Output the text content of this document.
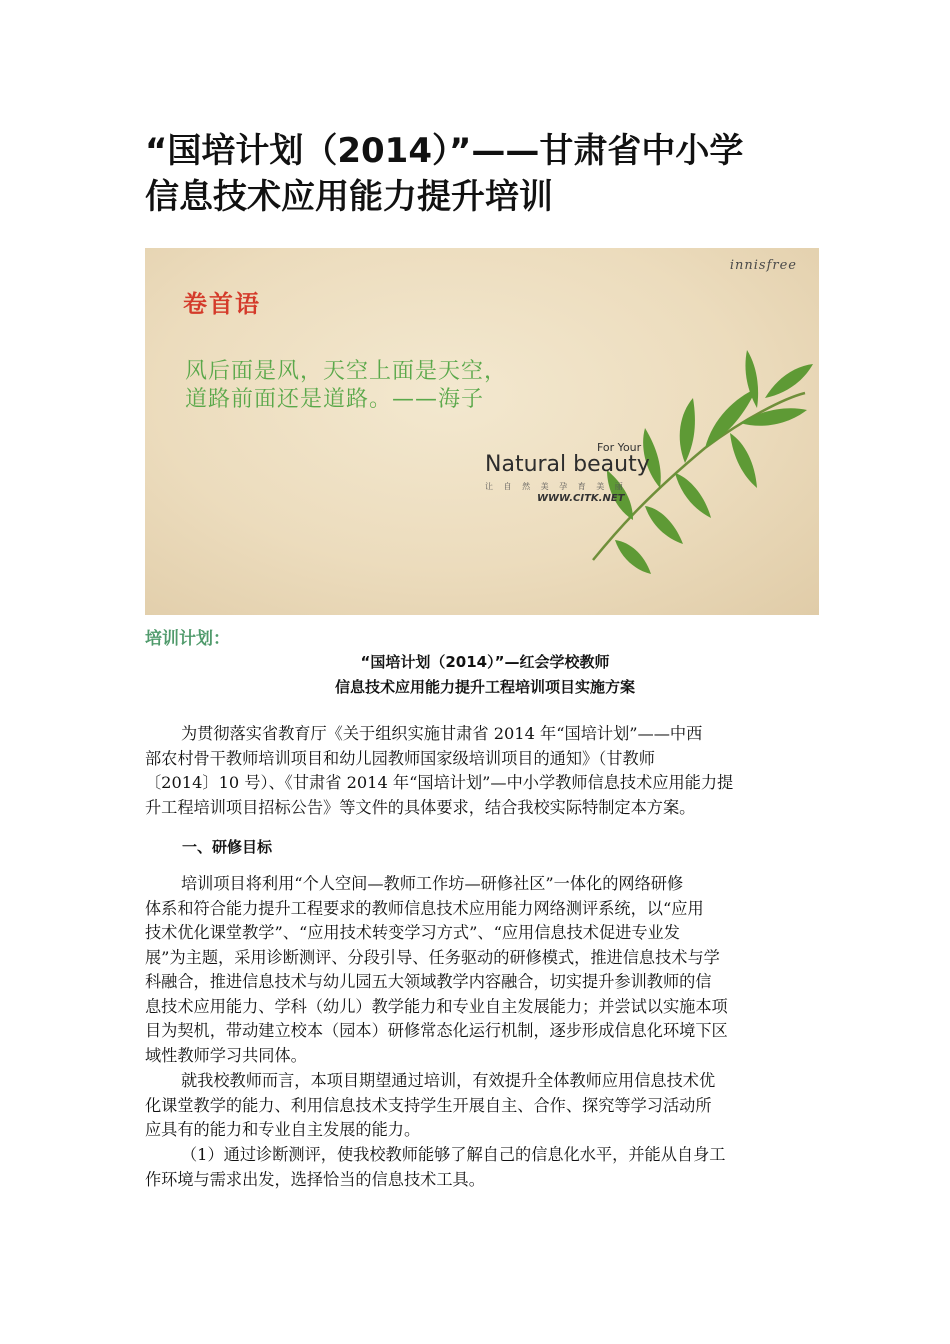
“国培计划（2014）”——甘肃省中小学
信息技术应用能力提升培训
innisfree
卷首语
风后面是风，天空上面是天空，
道路前面还是道路。——海子
For Your
Natural beauty
让 自 然 美 孕 育 美 丽
WWW.CITK.NET
培训计划：
“国培计划（2014）”—红会学校教师
信息技术应用能力提升工程培训项目实施方案

为贯彻落实省教育厅《关于组织实施甘肃省 2014 年“国培计划”——中西
部农村骨干教师培训项目和幼儿园教师国家级培训项目的通知》（甘教师
〔2014〕10 号）、《甘肃省 2014 年“国培计划”—中小学教师信息技术应用能力提
升工程培训项目招标公告》等文件的具体要求，结合我校实际特制定本方案。

一、研修目标

培训项目将利用“个人空间—教师工作坊—研修社区”一体化的网络研修
体系和符合能力提升工程要求的教师信息技术应用能力网络测评系统，以“应用
技术优化课堂教学”、“应用技术转变学习方式”、“应用信息技术促进专业发
展”为主题，采用诊断测评、分段引导、任务驱动的研修模式，推进信息技术与学
科融合，推进信息技术与幼儿园五大领域教学内容融合，切实提升参训教师的信
息技术应用能力、学科（幼儿）教学能力和专业自主发展能力；并尝试以实施本项
目为契机，带动建立校本（园本）研修常态化运行机制，逐步形成信息化环境下区
域性教师学习共同体。

就我校教师而言，本项目期望通过培训，有效提升全体教师应用信息技术优
化课堂教学的能力、利用信息技术支持学生开展自主、合作、探究等学习活动所
应具有的能力和专业自主发展的能力。

（1）通过诊断测评，使我校教师能够了解自己的信息化水平，并能从自身工
作环境与需求出发，选择恰当的信息技术工具。
